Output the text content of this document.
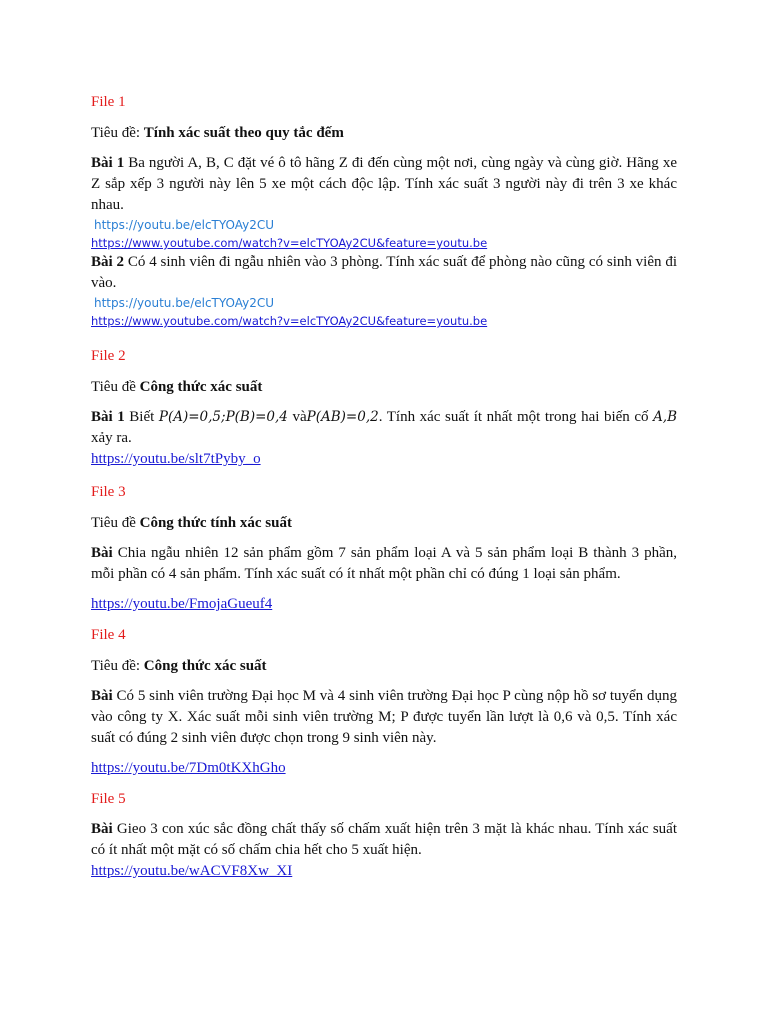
File 1
Tiêu đề: Tính xác suất theo quy tắc đếm
Bài 1 Ba người A, B, C đặt vé ô tô hãng Z đi đến cùng một nơi, cùng ngày và cùng giờ. Hãng xe Z sắp xếp 3 người này lên 5 xe một cách độc lập. Tính xác suất 3 người này đi trên 3 xe khác nhau.
https://youtu.be/elcTYOAy2CU
https://www.youtube.com/watch?v=elcTYOAy2CU&feature=youtu.be
Bài 2 Có 4 sinh viên đi ngẫu nhiên vào 3 phòng. Tính xác suất để phòng nào cũng có sinh viên đi vào.
https://youtu.be/elcTYOAy2CU
https://www.youtube.com/watch?v=elcTYOAy2CU&feature=youtu.be
File 2
Tiêu đề Công thức xác suất
Bài 1 Biết P(A)=0,5;P(B)=0,4 vàP(AB)=0,2. Tính xác suất ít nhất một trong hai biến cố A,B xảy ra.
https://youtu.be/slt7tPyby_o
File 3
Tiêu đề Công thức tính xác suất
Bài Chia ngẫu nhiên 12 sản phẩm gồm 7 sản phẩm loại A và 5 sản phẩm loại B thành 3 phần, mỗi phần có 4 sản phẩm. Tính xác suất có ít nhất một phần chỉ có đúng 1 loại sản phẩm.
https://youtu.be/FmojaGueuf4
File 4
Tiêu đề: Công thức xác suất
Bài Có 5 sinh viên trường Đại học M và 4 sinh viên trường Đại học P cùng nộp hồ sơ tuyển dụng vào công ty X. Xác suất mỗi sinh viên trường M; P được tuyển lần lượt là 0,6 và 0,5. Tính xác suất có đúng 2 sinh viên được chọn trong 9 sinh viên này.
https://youtu.be/7Dm0tKXhGho
File 5
Bài Gieo 3 con xúc sắc đồng chất thấy số chấm xuất hiện trên 3 mặt là khác nhau. Tính xác suất có ít nhất một mặt có số chấm chia hết cho 5 xuất hiện.
https://youtu.be/wACVF8Xw_XI
